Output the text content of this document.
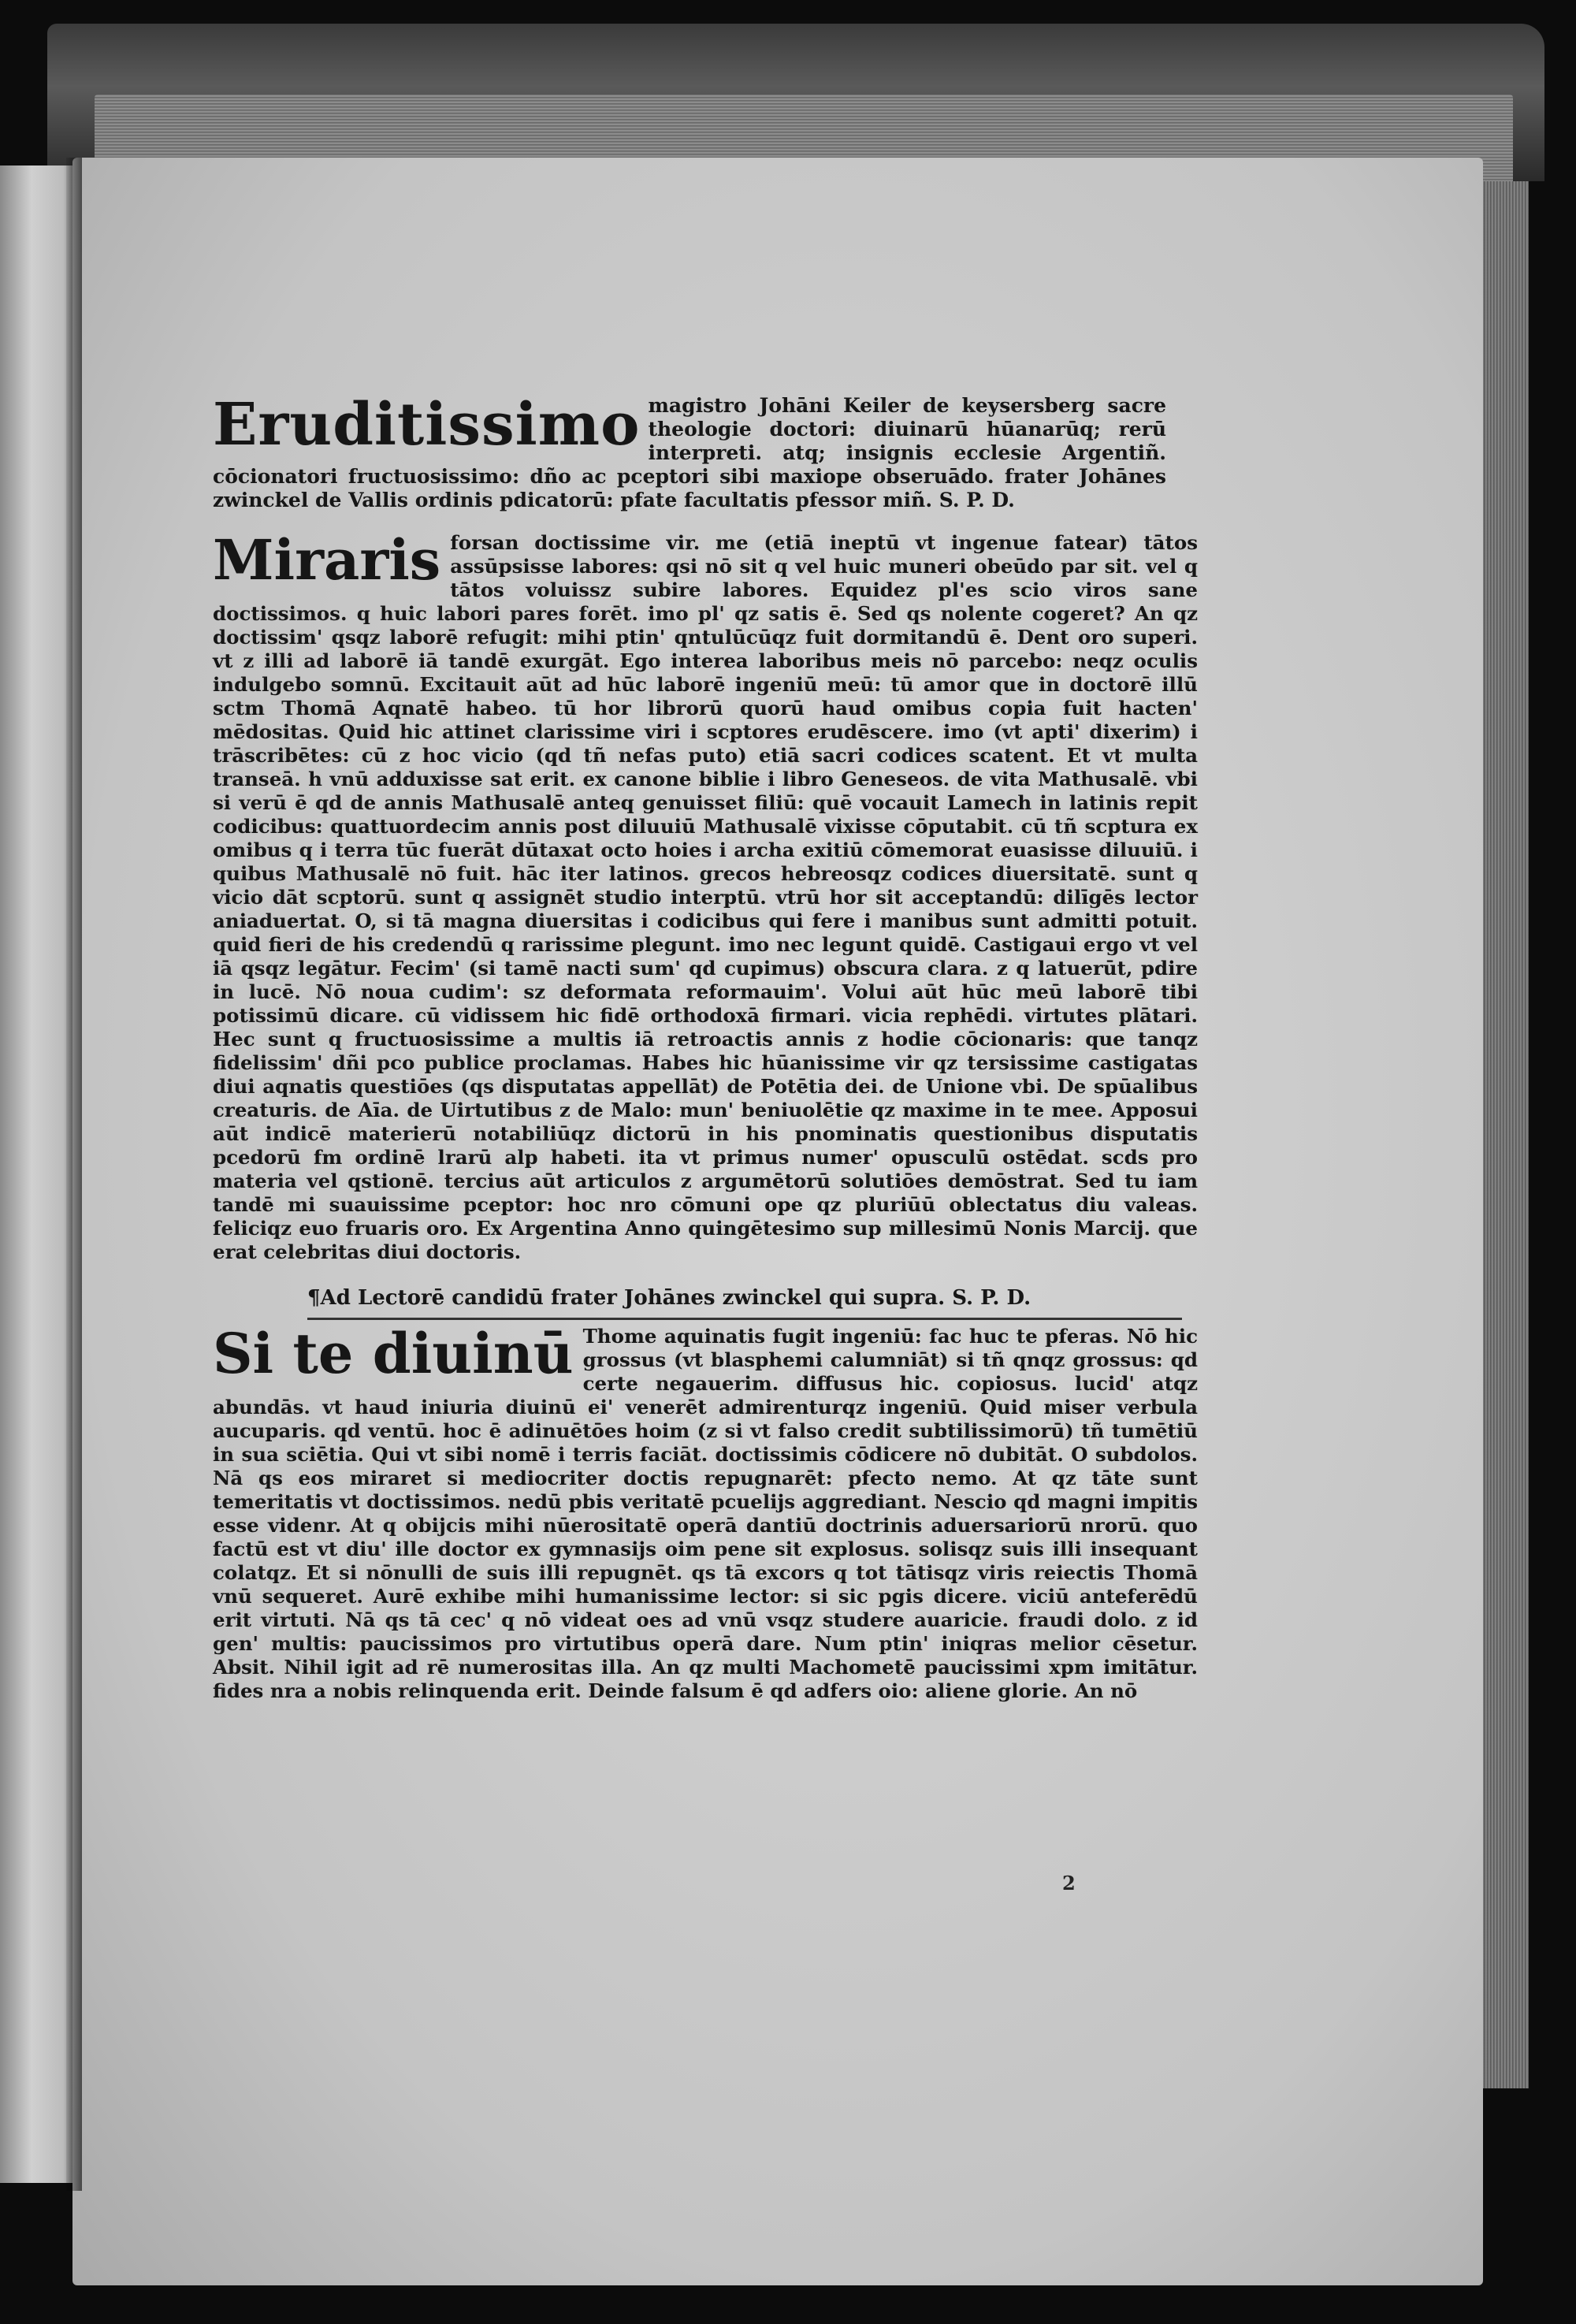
Eruditissimo magistro Johāni Keiler de keysersberg sacre theologie doctori: diuinarū hūanarūq; rerū interpreti. atq; insignis ecclesie Argentiñ. cōcionatori fructuosissimo: dño ac pceptori sibi maxiope obseruādo. frater Johānes zwinckel de Vallis ordinis pdicatorū: pfate facultatis pfessor miñ. S. P. D.

Miraris forsan doctissime vir. me (etiā ineptū vt ingenue fatear) tātos assūpsisse labores: qsi nō sit q vel huic muneri obeūdo par sit. vel q tātos voluissz subire labores. Equidez pl'es scio viros sane doctissimos. q huic labori pares forēt. imo pl' qz satis ē. Sed qs nolente cogeret? An qz doctissim' qsqz laborē refugit: mihi ptin' qntulūcūqz fuit dormitandū ē. Dent oro superi. vt z illi ad laborē iā tandē exurgāt. Ego interea laboribus meis nō parcebo: neqz oculis indulgebo somnū. Excitauit aūt ad hūc laborē ingeniū meū: tū amor que in doctorē illū sctm Thomā Aqnatē habeo. tū hor librorū quorū haud omibus copia fuit hacten' mēdositas. Quid hic attinet clarissime viri i scptores erudēscere. imo (vt apti' dixerim) i trāscribētes: cū z hoc vicio (qd tñ nefas puto) etiā sacri codices scatent. Et vt multa transeā. h vnū adduxisse sat erit. ex canone biblie i libro Geneseos. de vita Mathusalē. vbi si verū ē qd de annis Mathusalē anteq genuisset filiū: quē vocauit Lamech in latinis repit codicibus: quattuordecim annis post diluuiū Mathusalē vixisse cōputabit. cū tñ scptura ex omibus q i terra tūc fuerāt dūtaxat octo hoies i archa exitiū cōmemorat euasisse diluuiū. i quibus Mathusalē nō fuit. hāc iter latinos. grecos hebreosqz codices diuersitatē. sunt q vicio dāt scptorū. sunt q assignēt studio interptū. vtrū hor sit acceptandū: dilīgēs lector aniaduertat. O, si tā magna diuersitas i codicibus qui fere i manibus sunt admitti potuit. quid fieri de his credendū q rarissime plegunt. imo nec legunt quidē. Castigaui ergo vt vel iā qsqz legātur. Fecim' (si tamē nacti sum' qd cupimus) obscura clara. z q latuerūt, pdire in lucē. Nō noua cudim': sz deformata reformauim'. Volui aūt hūc meū laborē tibi potissimū dicare. cū vidissem hic fidē orthodoxā firmari. vicia rephēdi. virtutes plātari. Hec sunt q fructuosissime a multis iā retroactis annis z hodie cōcionaris: que tanqz fidelissim' dñi pco publice proclamas. Habes hic hūanissime vir qz tersissime castigatas diui aqnatis questiōes (qs disputatas appellāt) de Potētia dei. de Unione vbi. De spūalibus creaturis. de Aīa. de Uirtutibus z de Malo: mun' beniuolētie qz maxime in te mee. Apposui aūt indicē materierū notabiliūqz dictorū in his pnominatis questionibus disputatis pcedorū fm ordinē lrarū alp habeti. ita vt primus numer' opusculū ostēdat. scds pro materia vel qstionē. tercius aūt articulos z argumētorū solutiōes demōstrat. Sed tu iam tandē mi suauissime pceptor: hoc nro cōmuni ope qz pluriūū oblectatus diu valeas. feliciqz euo fruaris oro. Ex Argentina Anno quingētesimo sup millesimū Nonis Marcij. que erat celebritas diui doctoris.

¶Ad Lectorē candidū frater Johānes zwinckel qui supra. S. P. D.
Si te diuinū Thome aquinatis fugit ingeniū: fac huc te pferas. Nō hic grossus (vt blasphemi calumniāt) si tñ qnqz grossus: qd certe negauerim. diffusus hic. copiosus. lucid' atqz abundās. vt haud iniuria diuinū ei' venerēt admirenturqz ingeniū. Quid miser verbula aucuparis. qd ventū. hoc ē adinuētōes hoim (z si vt falso credit subtilissimorū) tñ tumētiū in sua sciētia. Qui vt sibi nomē i terris faciāt. doctissimis cōdicere nō dubitāt. O subdolos. Nā qs eos miraret si mediocriter doctis repugnarēt: pfecto nemo. At qz tāte sunt temeritatis vt doctissimos. nedū pbis veritatē pcuelijs aggrediant. Nescio qd magni impitis esse videnr. At q obijcis mihi nūerositatē operā dantiū doctrinis aduersariorū nrorū. quo factū est vt diu' ille doctor ex gymnasijs oim pene sit explosus. solisqz suis illi insequant colatqz. Et si nōnulli de suis illi repugnēt. qs tā excors q tot tātisqz viris reiectis Thomā vnū sequeret. Aurē exhibe mihi humanissime lector: si sic pgis dicere. viciū anteferēdū erit virtuti. Nā qs tā cec' q nō videat oes ad vnū vsqz studere auaricie. fraudi dolo. z id gen' multis: paucissimos pro virtutibus operā dare. Num ptin' iniqras melior cēsetur. Absit. Nihil igit ad rē numerositas illa. An qz multi Machometē paucissimi xpm imitātur. fides nra a nobis relinquenda erit. Deinde falsum ē qd adfers oio: aliene glorie. An nō

2
